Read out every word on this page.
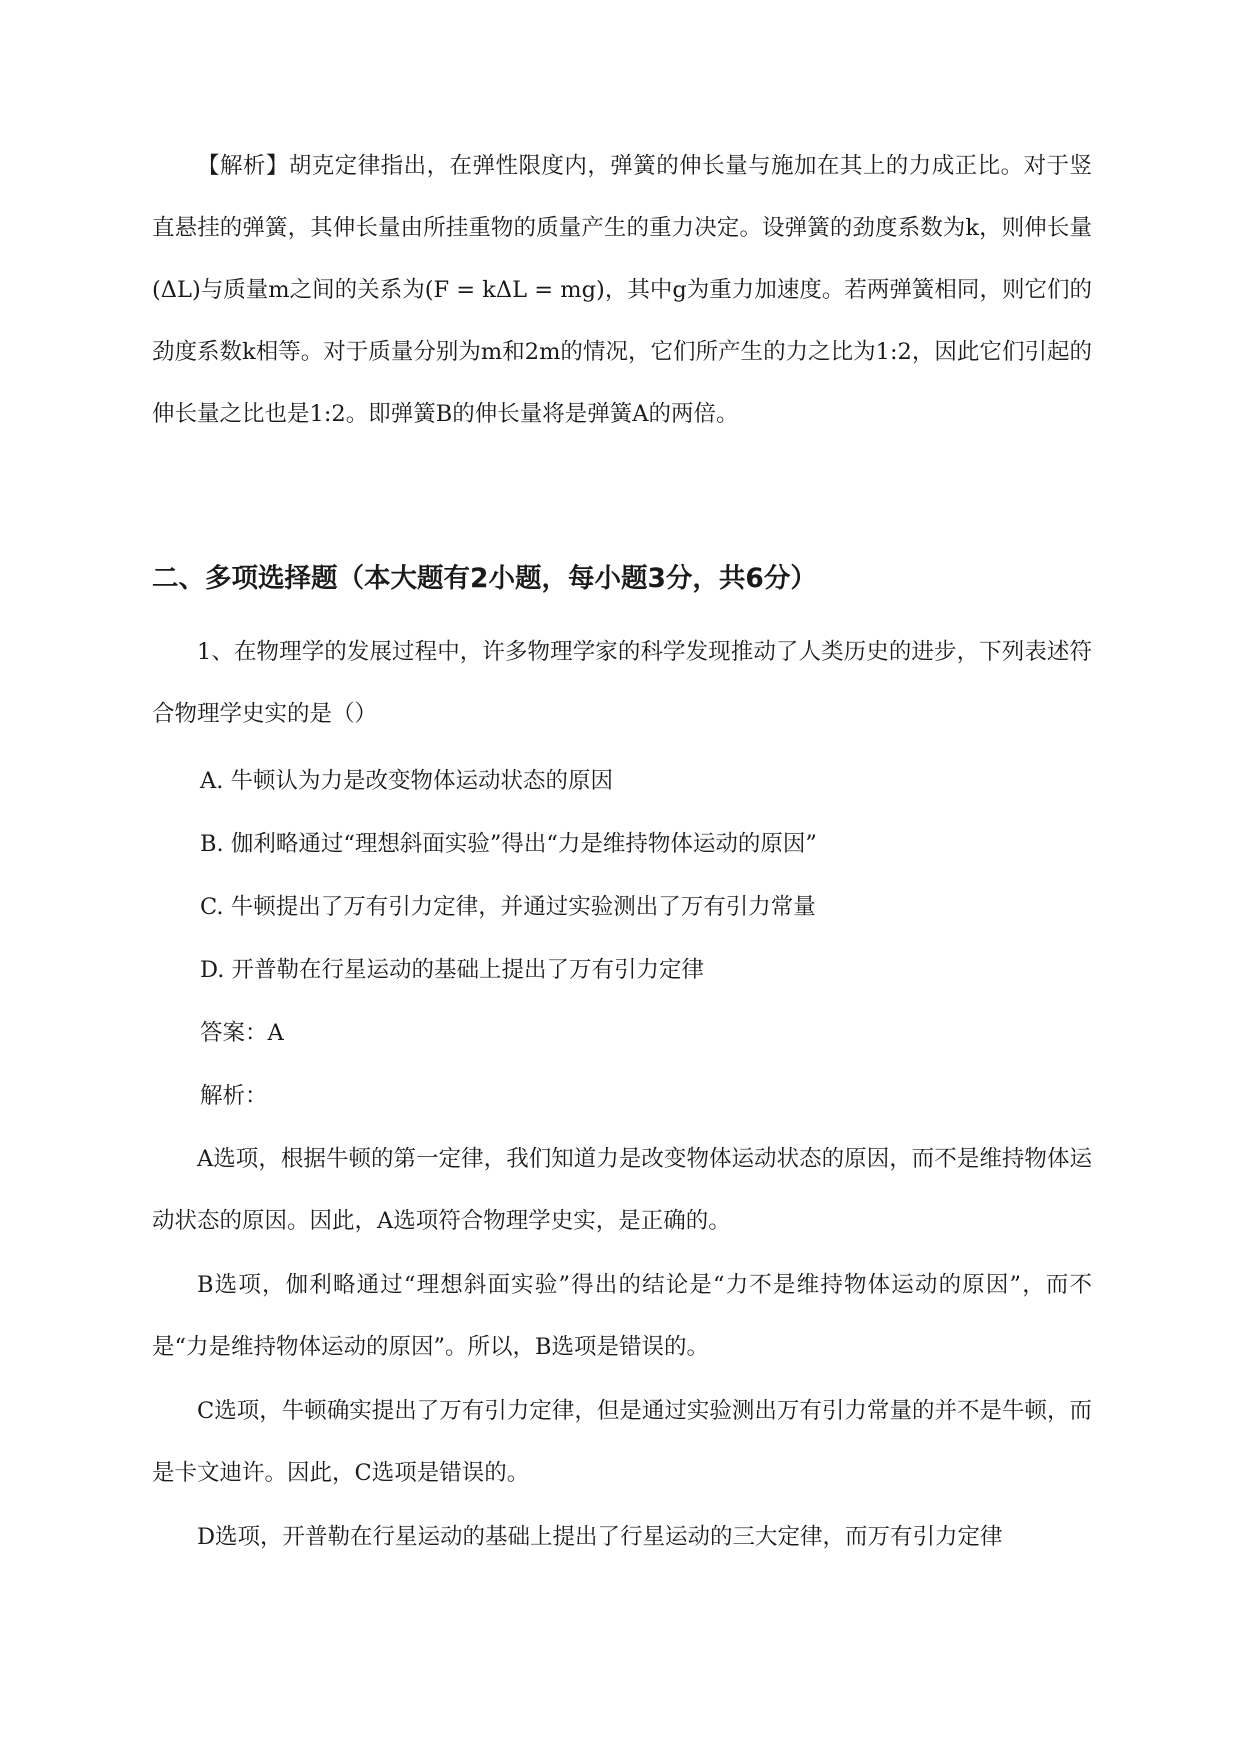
【解析】胡克定律指出，在弹性限度内，弹簧的伸长量与施加在其上的力成正比。对于竖直悬挂的弹簧，其伸长量由所挂重物的质量产生的重力决定。设弹簧的劲度系数为k，则伸长量(ΔL)与质量m之间的关系为(F = kΔL = mg)，其中g为重力加速度。若两弹簧相同，则它们的劲度系数k相等。对于质量分别为m和2m的情况，它们所产生的力之比为1:2，因此它们引起的伸长量之比也是1:2。即弹簧B的伸长量将是弹簧A的两倍。
二、多项选择题（本大题有2小题，每小题3分，共6分）
1、在物理学的发展过程中，许多物理学家的科学发现推动了人类历史的进步，下列表述符合物理学史实的是（）
A. 牛顿认为力是改变物体运动状态的原因
B. 伽利略通过“理想斜面实验”得出“力是维持物体运动的原因”
C. 牛顿提出了万有引力定律，并通过实验测出了万有引力常量
D. 开普勒在行星运动的基础上提出了万有引力定律
答案：A
解析：
A选项，根据牛顿的第一定律，我们知道力是改变物体运动状态的原因，而不是维持物体运动状态的原因。因此，A选项符合物理学史实，是正确的。
B选项，伽利略通过“理想斜面实验”得出的结论是“力不是维持物体运动的原因”，而不是“力是维持物体运动的原因”。所以，B选项是错误的。
C选项，牛顿确实提出了万有引力定律，但是通过实验测出万有引力常量的并不是牛顿，而是卡文迪许。因此，C选项是错误的。
D选项，开普勒在行星运动的基础上提出了行星运动的三大定律，而万有引力定律
